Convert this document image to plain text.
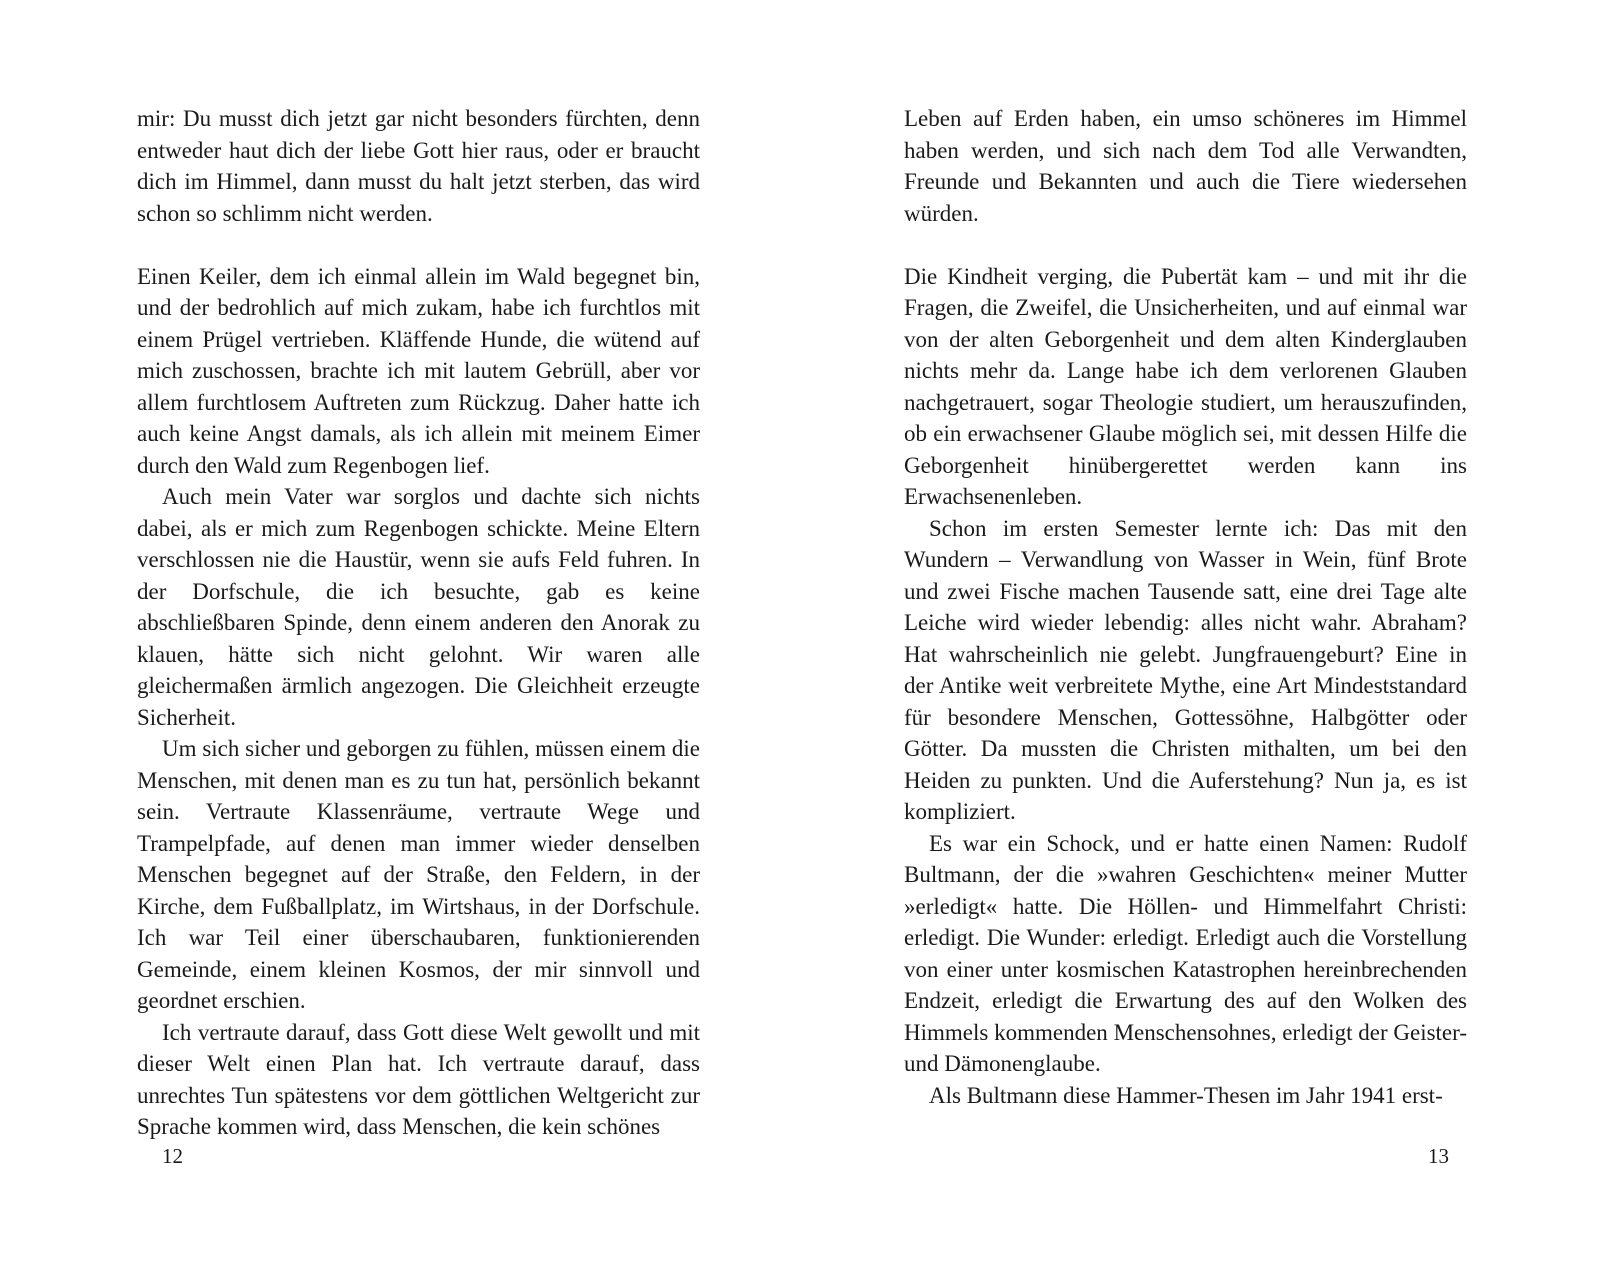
mir: Du musst dich jetzt gar nicht besonders fürchten, denn entweder haut dich der liebe Gott hier raus, oder er braucht dich im Himmel, dann musst du halt jetzt sterben, das wird schon so schlimm nicht werden.

Einen Keiler, dem ich einmal allein im Wald begegnet bin, und der bedrohlich auf mich zukam, habe ich furchtlos mit einem Prügel vertrieben. Kläffende Hunde, die wütend auf mich zuschossen, brachte ich mit lautem Gebrüll, aber vor allem furchtlosem Auftreten zum Rückzug. Daher hatte ich auch keine Angst damals, als ich allein mit meinem Eimer durch den Wald zum Regenbogen lief.

Auch mein Vater war sorglos und dachte sich nichts dabei, als er mich zum Regenbogen schickte. Meine Eltern verschlossen nie die Haustür, wenn sie aufs Feld fuhren. In der Dorfschule, die ich besuchte, gab es keine abschließbaren Spinde, denn einem anderen den Anorak zu klauen, hätte sich nicht gelohnt. Wir waren alle gleichermaßen ärmlich angezogen. Die Gleichheit erzeugte Sicherheit.

Um sich sicher und geborgen zu fühlen, müssen einem die Menschen, mit denen man es zu tun hat, persönlich bekannt sein. Vertraute Klassenräume, vertraute Wege und Trampelpfade, auf denen man immer wieder denselben Menschen begegnet auf der Straße, den Feldern, in der Kirche, dem Fußballplatz, im Wirtshaus, in der Dorfschule. Ich war Teil einer überschaubaren, funktionierenden Gemeinde, einem kleinen Kosmos, der mir sinnvoll und geordnet erschien.

Ich vertraute darauf, dass Gott diese Welt gewollt und mit dieser Welt einen Plan hat. Ich vertraute darauf, dass unrechtes Tun spätestens vor dem göttlichen Weltgericht zur Sprache kommen wird, dass Menschen, die kein schönes

12

Leben auf Erden haben, ein umso schöneres im Himmel haben werden, und sich nach dem Tod alle Verwandten, Freunde und Bekannten und auch die Tiere wiedersehen würden.

Die Kindheit verging, die Pubertät kam – und mit ihr die Fragen, die Zweifel, die Unsicherheiten, und auf einmal war von der alten Geborgenheit und dem alten Kinderglauben nichts mehr da. Lange habe ich dem verlorenen Glauben nachgetrauert, sogar Theologie studiert, um herauszufinden, ob ein erwachsener Glaube möglich sei, mit dessen Hilfe die Geborgenheit hinübergerettet werden kann ins Erwachsenenleben.

Schon im ersten Semester lernte ich: Das mit den Wundern – Verwandlung von Wasser in Wein, fünf Brote und zwei Fische machen Tausende satt, eine drei Tage alte Leiche wird wieder lebendig: alles nicht wahr. Abraham? Hat wahrscheinlich nie gelebt. Jungfrauengeburt? Eine in der Antike weit verbreitete Mythe, eine Art Mindeststandard für besondere Menschen, Gottessöhne, Halbgötter oder Götter. Da mussten die Christen mithalten, um bei den Heiden zu punkten. Und die Auferstehung? Nun ja, es ist kompliziert.

Es war ein Schock, und er hatte einen Namen: Rudolf Bultmann, der die »wahren Geschichten« meiner Mutter »erledigt« hatte. Die Höllen- und Himmelfahrt Christi: erledigt. Die Wunder: erledigt. Erledigt auch die Vorstellung von einer unter kosmischen Katastrophen hereinbrechenden Endzeit, erledigt die Erwartung des auf den Wolken des Himmels kommenden Menschensohnes, erledigt der Geister- und Dämonenglaube.

Als Bultmann diese Hammer-Thesen im Jahr 1941 erst-

13
